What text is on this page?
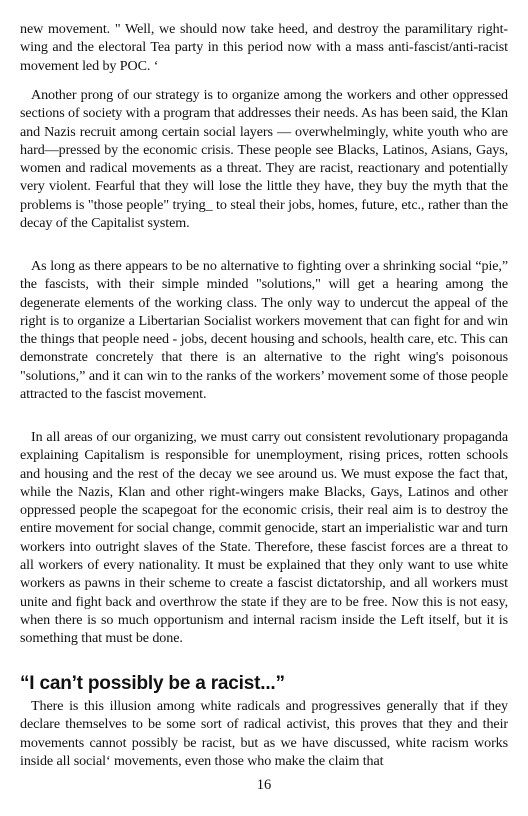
new movement. " Well, we should now take heed, and destroy the paramilitary right-wing and the electoral Tea party in this period now with a mass anti-fascist/anti-racist movement led by POC. ‘

Another prong of our strategy is to organize among the workers and other oppressed sections of society with a program that addresses their needs. As has been said, the Klan and Nazis recruit among certain social layers — overwhelmingly, white youth who are hard—pressed by the economic crisis. These people see Blacks, Latinos, Asians, Gays, women and radical movements as a threat. They are racist, reactionary and potentially very violent. Fearful that they will lose the little they have, they buy the myth that the problems is "those people" trying_ to steal their jobs, homes, future, etc., rather than the decay of the Capitalist system.

As long as there appears to be no alternative to fighting over a shrinking social “pie,” the fascists, with their simple minded "solutions," will get a hearing among the degenerate elements of the working class. The only way to undercut the appeal of the right is to organize a Libertarian Socialist workers movement that can fight for and win the things that people need - jobs, decent housing and schools, health care, etc. This can demonstrate concretely that there is an alternative to the right wing's poisonous "solutions,” and it can win to the ranks of the workers’ movement some of those people attracted to the fascist movement.

In all areas of our organizing, we must carry out consistent revolutionary propaganda explaining Capitalism is responsible for unemployment, rising prices, rotten schools and housing and the rest of the decay we see around us. We must expose the fact that, while the Nazis, Klan and other right-wingers make Blacks, Gays, Latinos and other oppressed people the scapegoat for the economic crisis, their real aim is to destroy the entire movement for social change, commit genocide, start an imperialistic war and turn workers into outright slaves of the State. Therefore, these fascist forces are a threat to all workers of every nationality. It must be explained that they only want to use white workers as pawns in their scheme to create a fascist dictatorship, and all workers must unite and fight back and overthrow the state if they are to be free. Now this is not easy, when there is so much opportunism and internal racism inside the Left itself, but it is something that must be done.

“I can’t possibly be a racist...”

There is this illusion among white radicals and progressives generally that if they declare themselves to be some sort of radical activist, this proves that they and their movements cannot possibly be racist, but as we have discussed, white racism works inside all social‘ movements, even those who make the claim that

16
